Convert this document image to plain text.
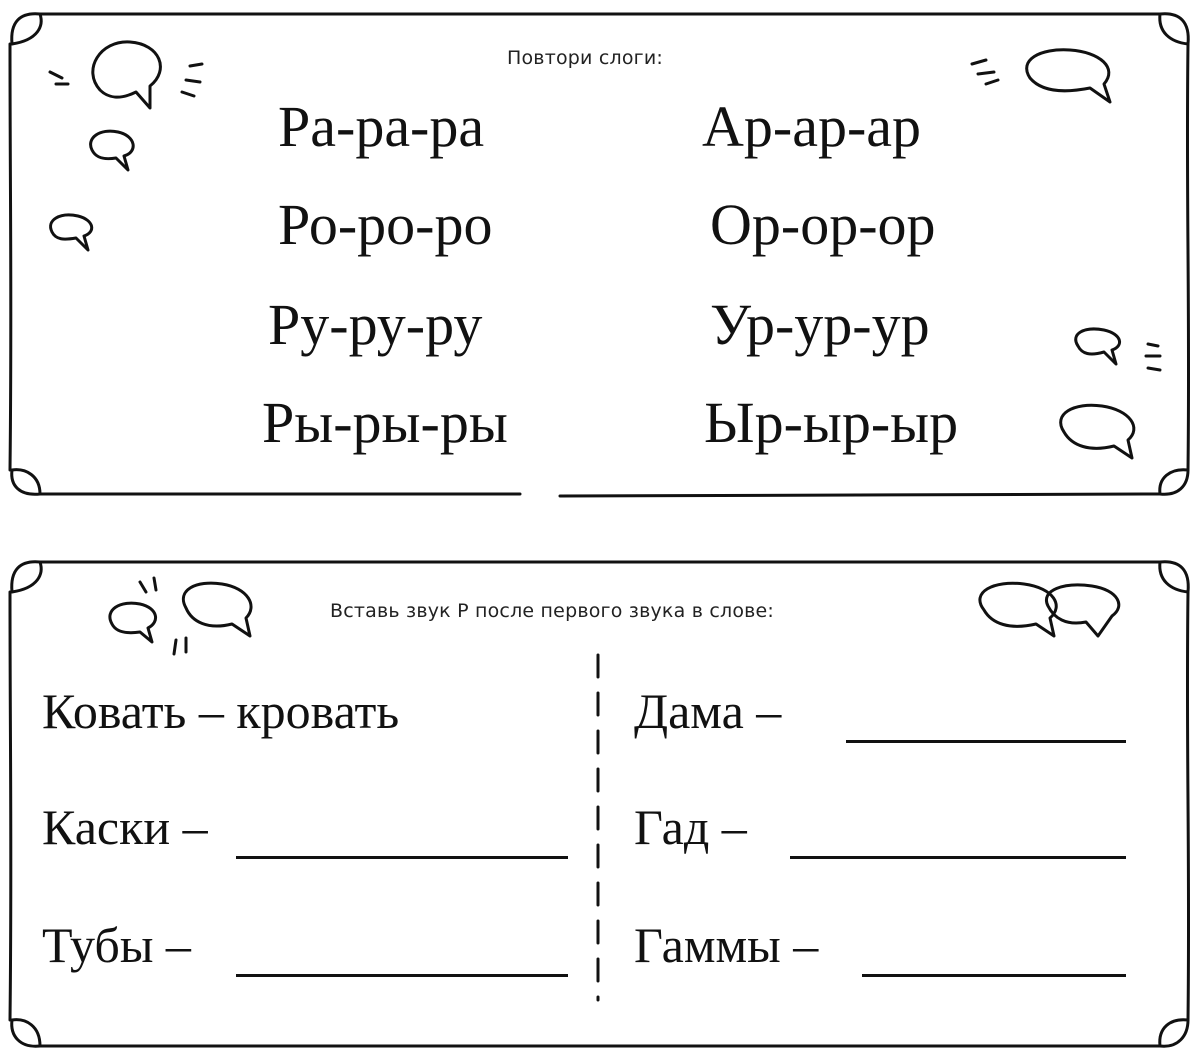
Повтори слоги:
Ра-ра-ра
Ро-ро-ро
Ру-ру-ру
Ры-ры-ры
Ар-ар-ар
Ор-ор-ор
Ур-ур-ур
Ыр-ыр-ыр
Вставь звук Р после первого звука в слове:
Ковать – кровать
Каски –
Тубы –
Дама –
Гад –
Гаммы –
